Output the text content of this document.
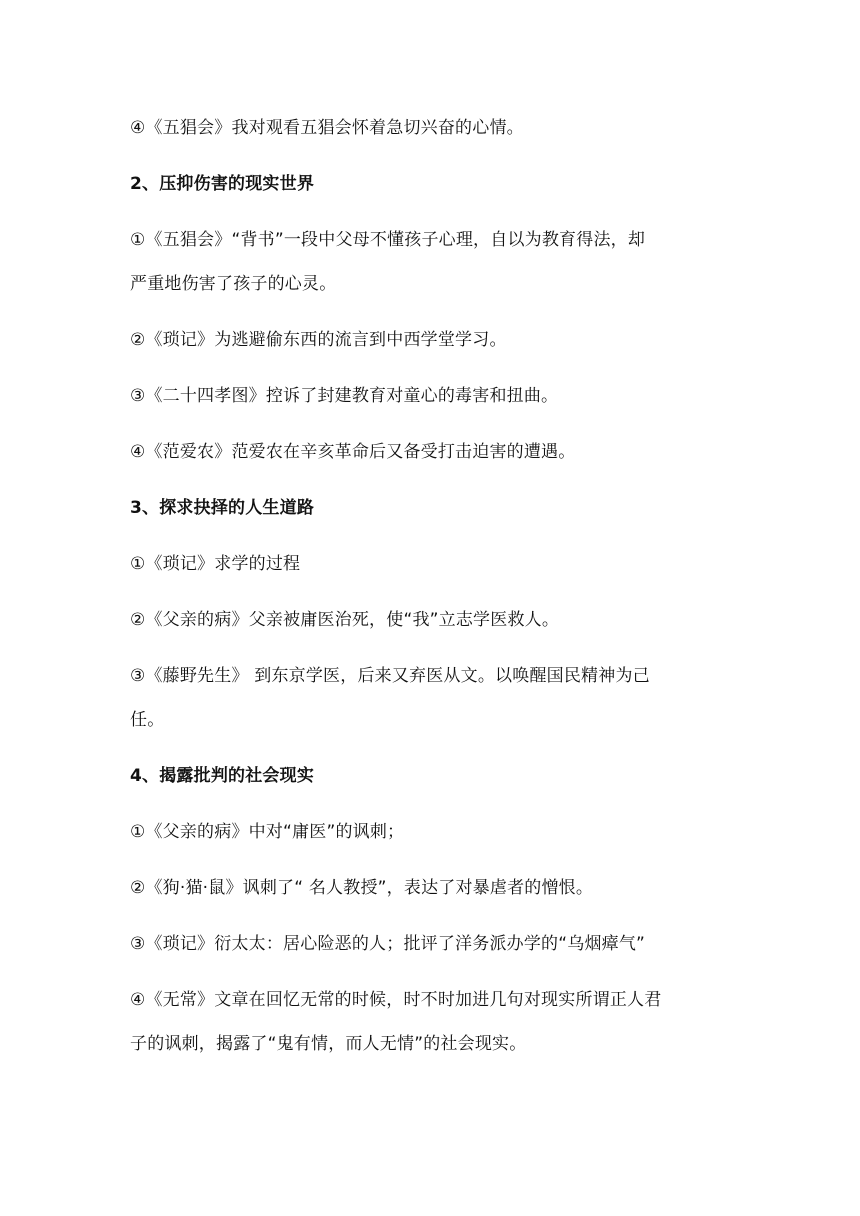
④《五猖会》我对观看五猖会怀着急切兴奋的心情。
2、压抑伤害的现实世界
①《五猖会》“背书”一段中父母不懂孩子心理，自以为教育得法，却
严重地伤害了孩子的心灵。
②《琐记》为逃避偷东西的流言到中西学堂学习。
③《二十四孝图》控诉了封建教育对童心的毒害和扭曲。
④《范爱农》范爱农在辛亥革命后又备受打击迫害的遭遇。
3、探求抉择的人生道路
①《琐记》求学的过程
②《父亲的病》父亲被庸医治死，使“我”立志学医救人。
③《藤野先生》 到东京学医，后来又弃医从文。以唤醒国民精神为己
任。
4、揭露批判的社会现实
①《父亲的病》中对“庸医”的讽刺；
②《狗·猫·鼠》讽刺了“ 名人教授”，表达了对暴虐者的憎恨。
③《琐记》衍太太：居心险恶的人；批评了洋务派办学的“乌烟瘴气”
④《无常》文章在回忆无常的时候，时不时加进几句对现实所谓正人君
子的讽刺，揭露了“鬼有情，而人无情”的社会现实。
